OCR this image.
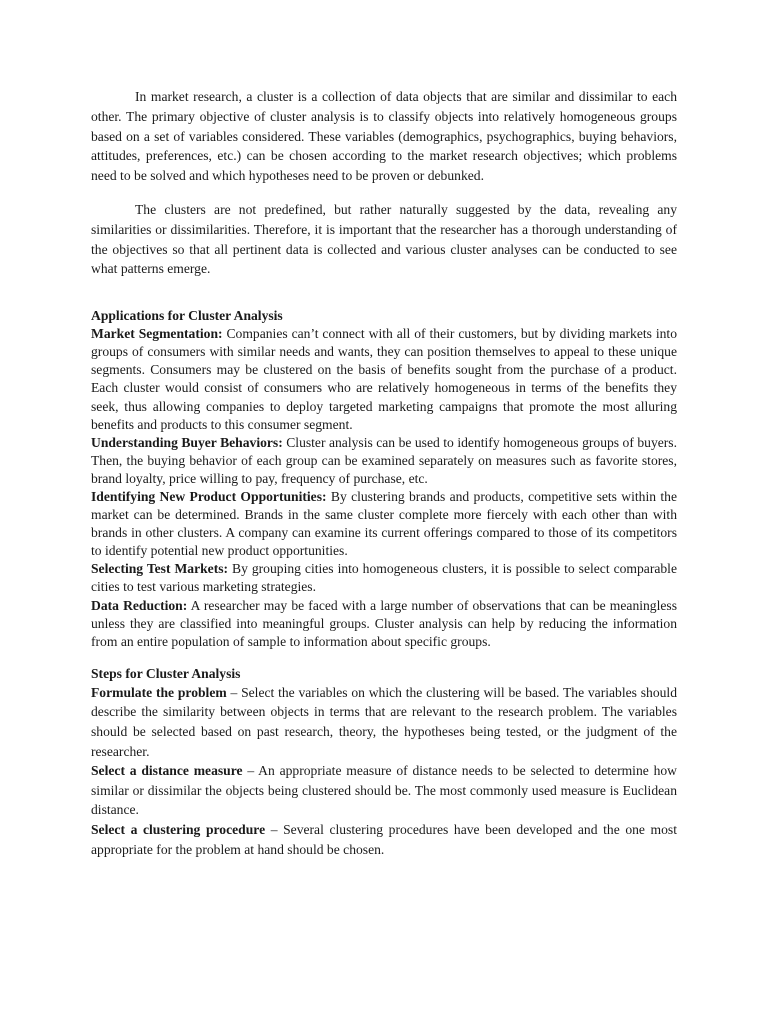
In market research, a cluster is a collection of data objects that are similar and dissimilar to each other. The primary objective of cluster analysis is to classify objects into relatively homogeneous groups based on a set of variables considered. These variables (demographics, psychographics, buying behaviors, attitudes, preferences, etc.) can be chosen according to the market research objectives; which problems need to be solved and which hypotheses need to be proven or debunked.

The clusters are not predefined, but rather naturally suggested by the data, revealing any similarities or dissimilarities. Therefore, it is important that the researcher has a thorough understanding of the objectives so that all pertinent data is collected and various cluster analyses can be conducted to see what patterns emerge.

Applications for Cluster Analysis

Market Segmentation: Companies can’t connect with all of their customers, but by dividing markets into groups of consumers with similar needs and wants, they can position themselves to appeal to these unique segments. Consumers may be clustered on the basis of benefits sought from the purchase of a product. Each cluster would consist of consumers who are relatively homogeneous in terms of the benefits they seek, thus allowing companies to deploy targeted marketing campaigns that promote the most alluring benefits and products to this consumer segment.

Understanding Buyer Behaviors: Cluster analysis can be used to identify homogeneous groups of buyers. Then, the buying behavior of each group can be examined separately on measures such as favorite stores, brand loyalty, price willing to pay, frequency of purchase, etc.

Identifying New Product Opportunities: By clustering brands and products, competitive sets within the market can be determined. Brands in the same cluster complete more fiercely with each other than with brands in other clusters. A company can examine its current offerings compared to those of its competitors to identify potential new product opportunities.

Selecting Test Markets: By grouping cities into homogeneous clusters, it is possible to select comparable cities to test various marketing strategies.

Data Reduction: A researcher may be faced with a large number of observations that can be meaningless unless they are classified into meaningful groups. Cluster analysis can help by reducing the information from an entire population of sample to information about specific groups.

Steps for Cluster Analysis

Formulate the problem – Select the variables on which the clustering will be based. The variables should describe the similarity between objects in terms that are relevant to the research problem. The variables should be selected based on past research, theory, the hypotheses being tested, or the judgment of the researcher.

Select a distance measure – An appropriate measure of distance needs to be selected to determine how similar or dissimilar the objects being clustered should be. The most commonly used measure is Euclidean distance.

Select a clustering procedure – Several clustering procedures have been developed and the one most appropriate for the problem at hand should be chosen.
